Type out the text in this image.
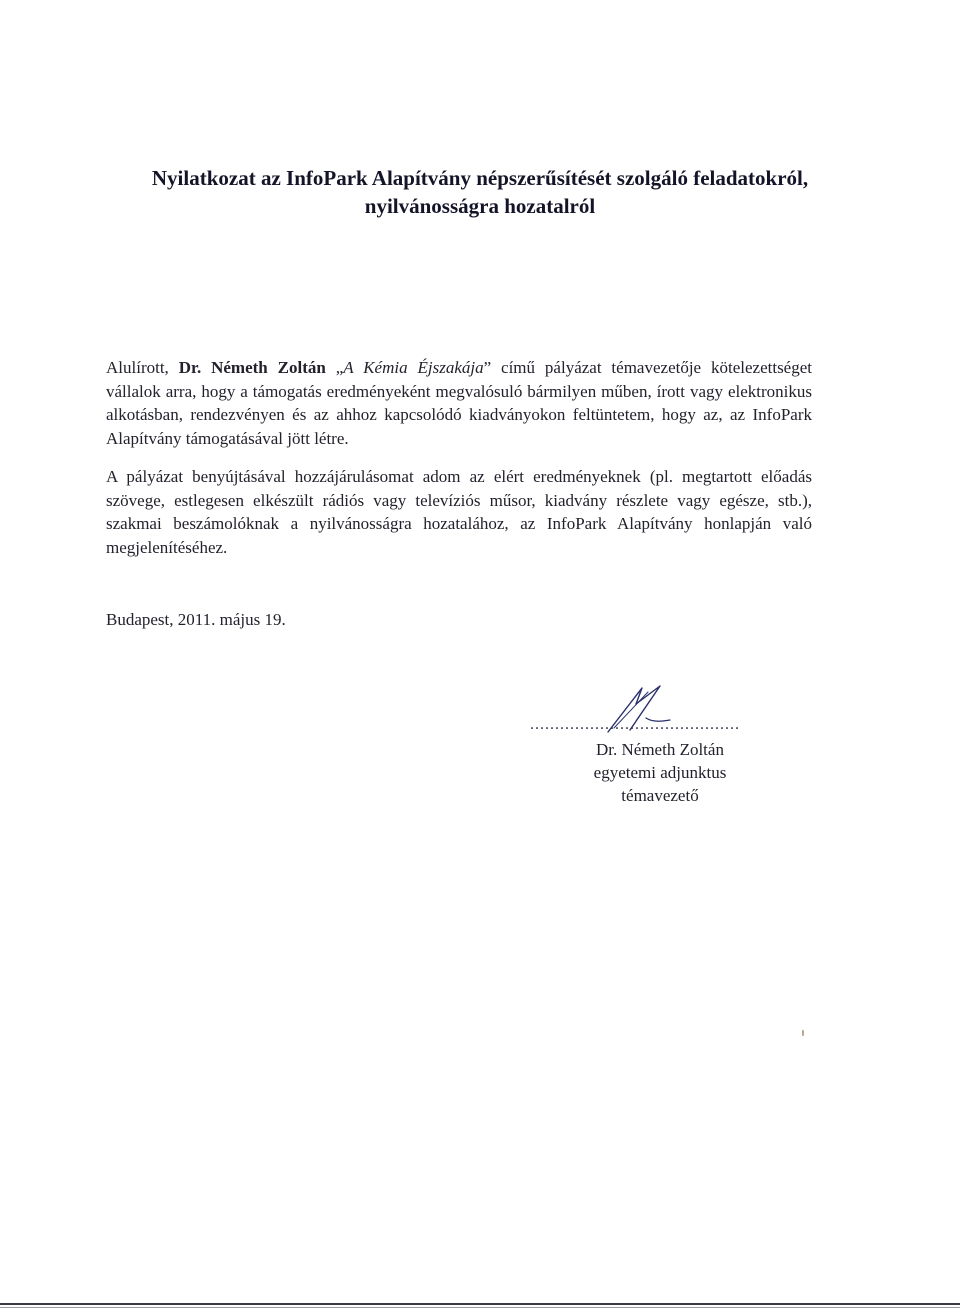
Nyilatkozat az InfoPark Alapítvány népszerűsítését szolgáló feladatokról,
nyilvánosságra hozatalról
Alulírott, Dr. Németh Zoltán „A Kémia Éjszakája” című pályázat témavezetője kötelezettséget vállalok arra, hogy a támogatás eredményeként megvalósuló bármilyen műben, írott vagy elektronikus alkotásban, rendezvényen és az ahhoz kapcsolódó kiadványokon feltüntetem, hogy az, az InfoPark Alapítvány támogatásával jött létre.
A pályázat benyújtásával hozzájárulásomat adom az elért eredményeknek (pl. megtartott előadás szövege, estlegesen elkészült rádiós vagy televíziós műsor, kiadvány részlete vagy egésze, stb.), szakmai beszámolóknak a nyilvánosságra hozatalához, az InfoPark Alapítvány honlapján való megjelenítéséhez.
Budapest, 2011. május 19.
..........................................
Dr. Németh Zoltán
egyetemi adjunktus
témavezető
